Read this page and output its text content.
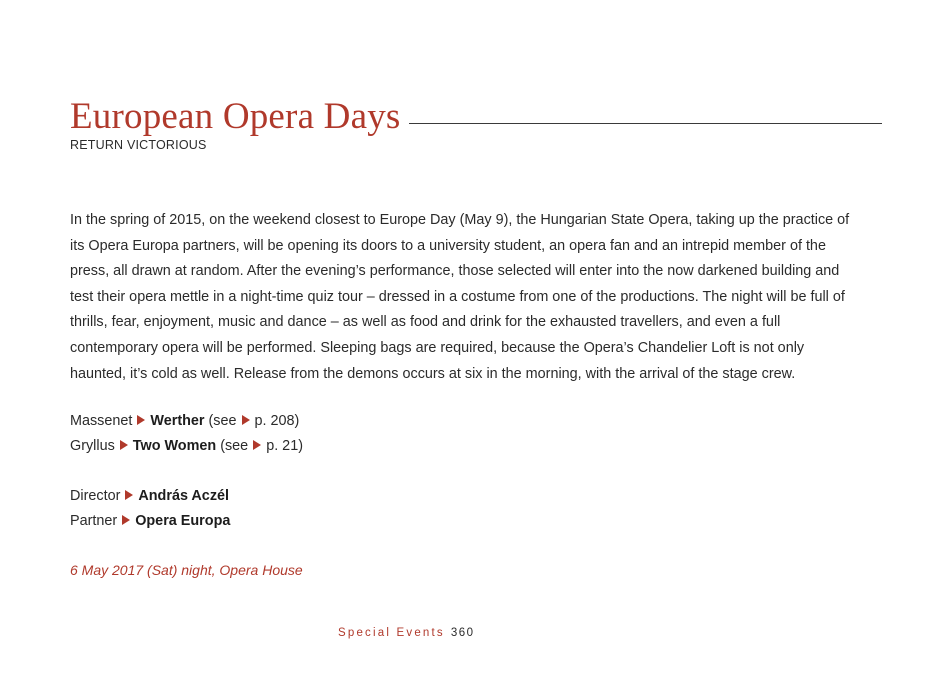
European Opera Days
RETURN VICTORIOUS

In the spring of 2015, on the weekend closest to Europe Day (May 9), the Hungarian State Opera, taking up the practice of its Opera Europa partners, will be opening its doors to a university student, an opera fan and an intrepid member of the press, all drawn at random. After the evening’s performance, those selected will enter into the now darkened building and test their opera mettle in a night-time quiz tour – dressed in a costume from one of the productions. The night will be full of thrills, fear, enjoyment, music and dance – as well as food and drink for the exhausted travellers, and even a full contemporary opera will be performed. Sleeping bags are required, because the Opera’s Chandelier Loft is not only haunted, it’s cold as well. Release from the demons occurs at six in the morning, with the arrival of the stage crew.

Massenet Werther (see p. 208)
Gryllus Two Women (see p. 21)
Director András Aczél
Partner Opera Europa
6 May 2017 (Sat) night, Opera House
Special Events 360
